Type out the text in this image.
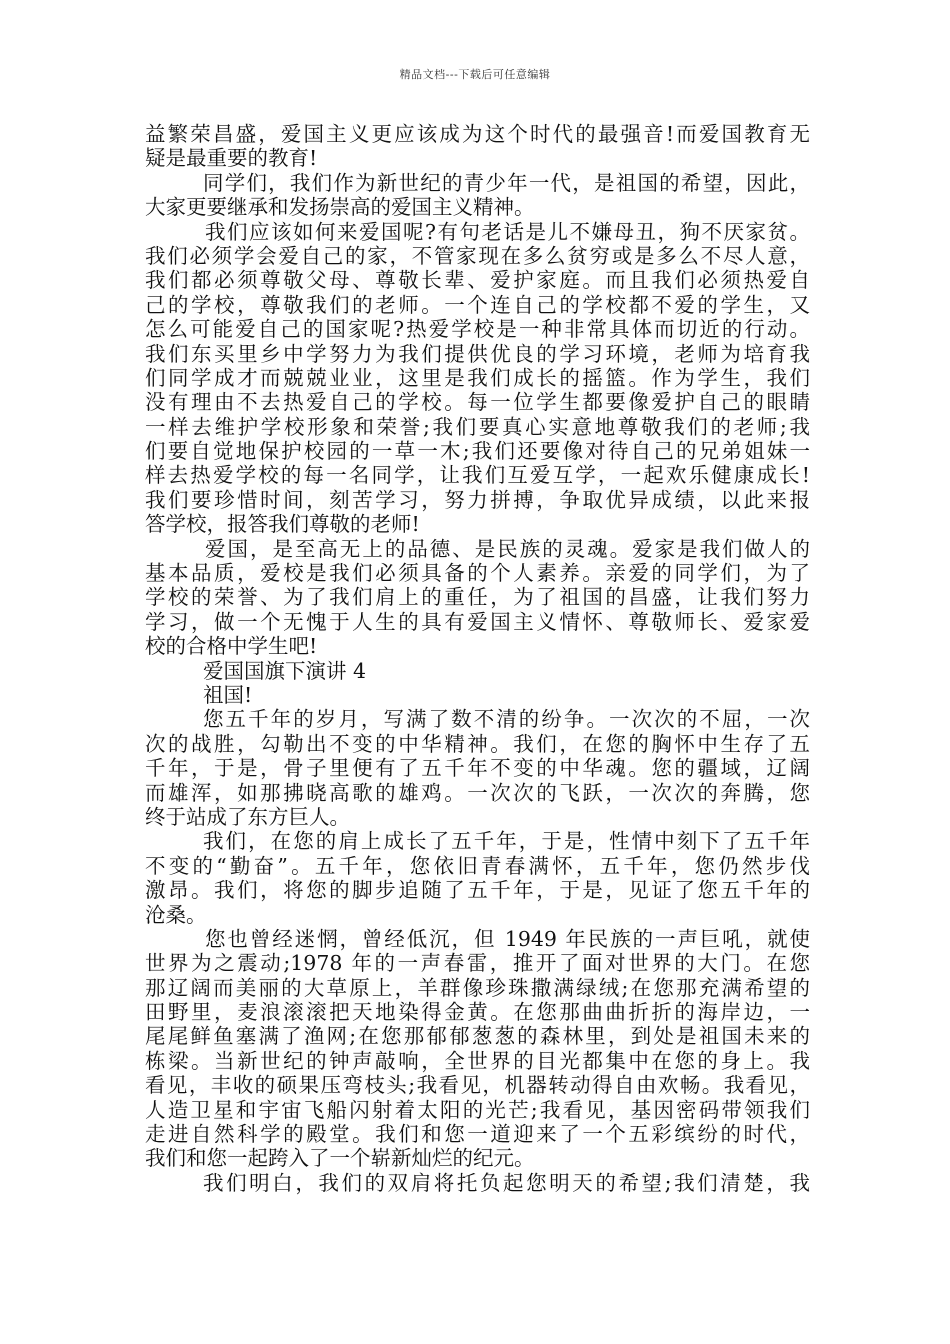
精品文档---下载后可任意编辑
益繁荣昌盛，爱国主义更应该成为这个时代的最强音!而爱国教育无
疑是最重要的教育!
同学们，我们作为新世纪的青少年一代，是祖国的希望，因此，
大家更要继承和发扬崇高的爱国主义精神。
我们应该如何来爱国呢?有句老话是儿不嫌母丑，狗不厌家贫。
我们必须学会爱自己的家，不管家现在多么贫穷或是多么不尽人意，
我们都必须尊敬父母、尊敬长辈、爱护家庭。而且我们必须热爱自
己的学校，尊敬我们的老师。一个连自己的学校都不爱的学生，又
怎么可能爱自己的国家呢?热爱学校是一种非常具体而切近的行动。
我们东买里乡中学努力为我们提供优良的学习环境，老师为培育我
们同学成才而兢兢业业，这里是我们成长的摇篮。作为学生，我们
没有理由不去热爱自己的学校。每一位学生都要像爱护自己的眼睛
一样去维护学校形象和荣誉;我们要真心实意地尊敬我们的老师;我
们要自觉地保护校园的一草一木;我们还要像对待自己的兄弟姐妹一
样去热爱学校的每一名同学，让我们互爱互学，一起欢乐健康成长!
我们要珍惜时间，刻苦学习，努力拼搏，争取优异成绩，以此来报
答学校，报答我们尊敬的老师!
爱国，是至高无上的品德、是民族的灵魂。爱家是我们做人的
基本品质，爱校是我们必须具备的个人素养。亲爱的同学们，为了
学校的荣誉、为了我们肩上的重任，为了祖国的昌盛，让我们努力
学习，做一个无愧于人生的具有爱国主义情怀、尊敬师长、爱家爱
校的合格中学生吧!
爱国国旗下演讲 4
祖国!
您五千年的岁月，写满了数不清的纷争。一次次的不屈，一次
次的战胜，勾勒出不变的中华精神。我们，在您的胸怀中生存了五
千年，于是，骨子里便有了五千年不变的中华魂。您的疆域，辽阔
而雄浑，如那拂晓高歌的雄鸡。一次次的飞跃，一次次的奔腾，您
终于站成了东方巨人。
我们，在您的肩上成长了五千年，于是，性情中刻下了五千年
不变的“勤奋”。五千年，您依旧青春满怀，五千年，您仍然步伐
激昂。我们，将您的脚步追随了五千年，于是，见证了您五千年的
沧桑。
您也曾经迷惘，曾经低沉，但 1949 年民族的一声巨吼，就使
世界为之震动;1978 年的一声春雷，推开了面对世界的大门。在您
那辽阔而美丽的大草原上，羊群像珍珠撒满绿绒;在您那充满希望的
田野里，麦浪滚滚把天地染得金黄。在您那曲曲折折的海岸边，一
尾尾鲜鱼塞满了渔网;在您那郁郁葱葱的森林里，到处是祖国未来的
栋梁。当新世纪的钟声敲响，全世界的目光都集中在您的身上。我
看见，丰收的硕果压弯枝头;我看见，机器转动得自由欢畅。我看见，
人造卫星和宇宙飞船闪射着太阳的光芒;我看见，基因密码带领我们
走进自然科学的殿堂。我们和您一道迎来了一个五彩缤纷的时代，
我们和您一起跨入了一个崭新灿烂的纪元。
我们明白，我们的双肩将托负起您明天的希望;我们清楚，我
